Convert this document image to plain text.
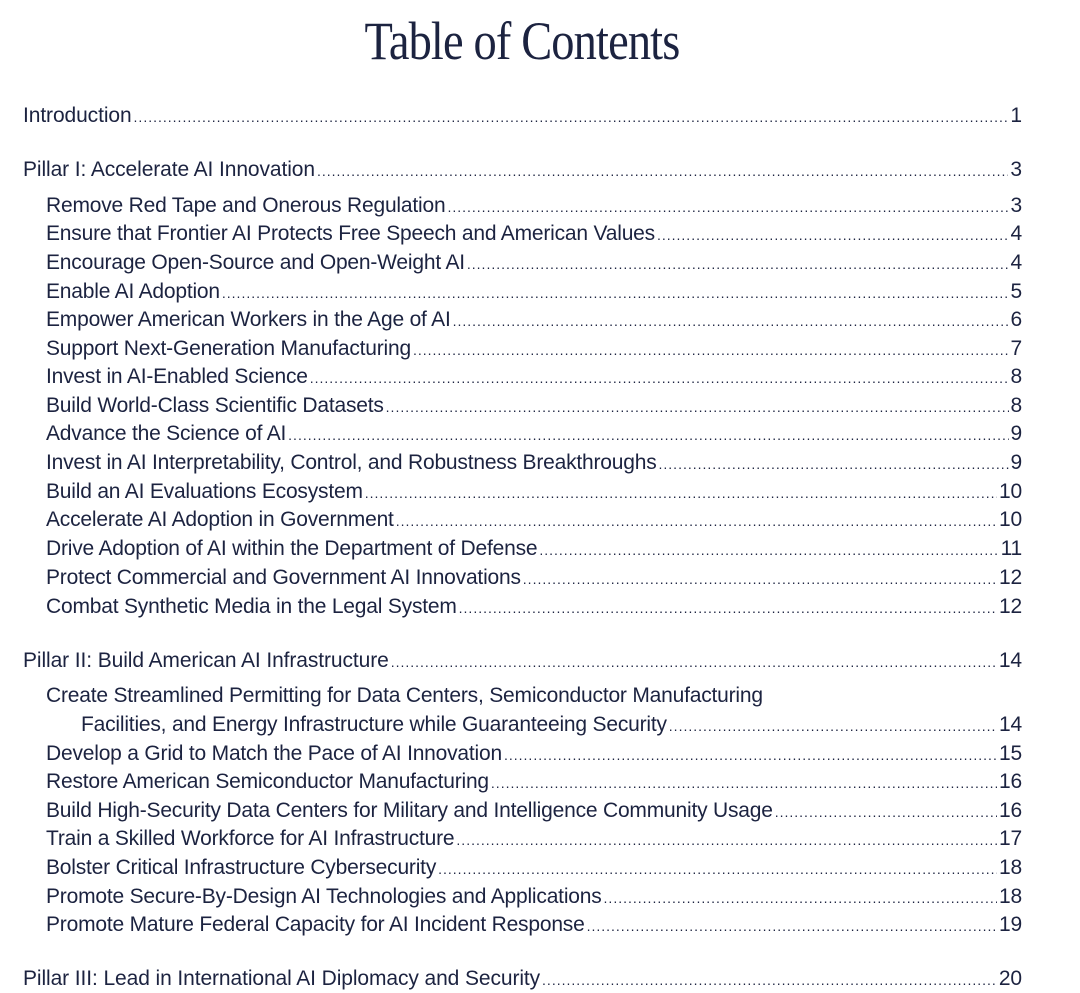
Table of Contents
Introduction .....	1
Pillar I: Accelerate AI Innovation .....	3
Remove Red Tape and Onerous Regulation .....	3
Ensure that Frontier AI Protects Free Speech and American Values .....	4
Encourage Open-Source and Open-Weight AI .....	4
Enable AI Adoption .....	5
Empower American Workers in the Age of AI .....	6
Support Next-Generation Manufacturing .....	7
Invest in AI-Enabled Science .....	8
Build World-Class Scientific Datasets .....	8
Advance the Science of AI .....	9
Invest in AI Interpretability, Control, and Robustness Breakthroughs .....	9
Build an AI Evaluations Ecosystem .....	10
Accelerate AI Adoption in Government .....	10
Drive Adoption of AI within the Department of Defense .....	11
Protect Commercial and Government AI Innovations .....	12
Combat Synthetic Media in the Legal System .....	12
Pillar II: Build American AI Infrastructure .....	14
Create Streamlined Permitting for Data Centers, Semiconductor Manufacturing
Facilities, and Energy Infrastructure while Guaranteeing Security .....	14
Develop a Grid to Match the Pace of AI Innovation .....	15
Restore American Semiconductor Manufacturing .....	16
Build High-Security Data Centers for Military and Intelligence Community Usage .....	16
Train a Skilled Workforce for AI Infrastructure .....	17
Bolster Critical Infrastructure Cybersecurity .....	18
Promote Secure-By-Design AI Technologies and Applications .....	18
Promote Mature Federal Capacity for AI Incident Response .....	19
Pillar III: Lead in International AI Diplomacy and Security .....	20
